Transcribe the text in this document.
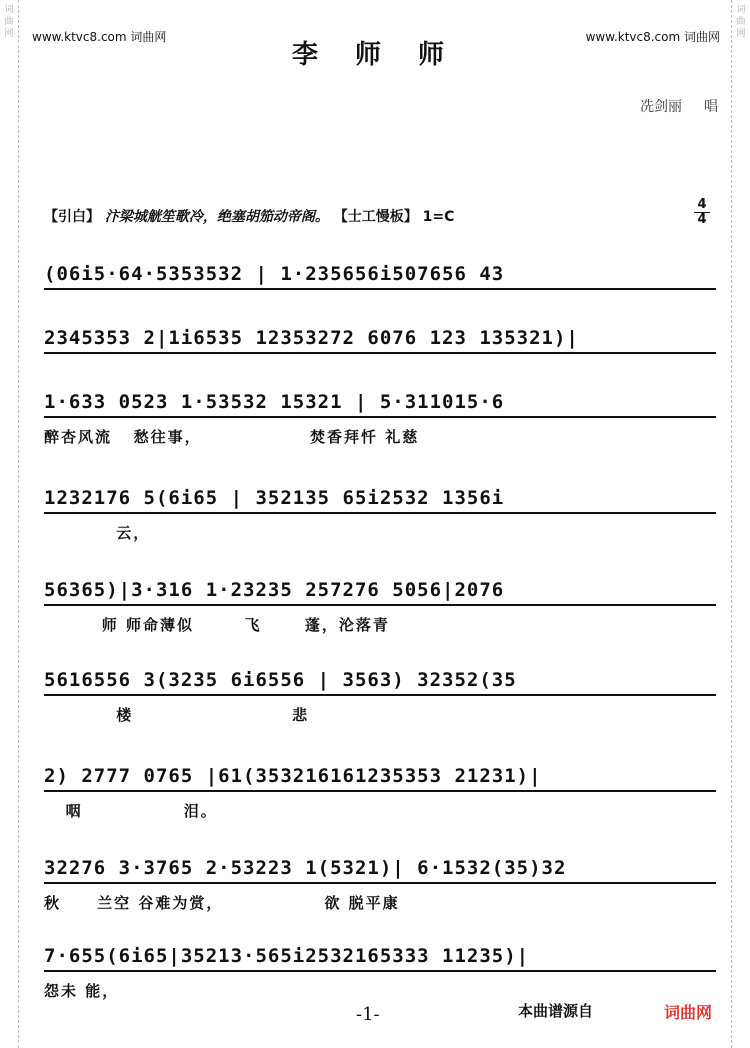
词 曲 网
词 曲 网
www.ktvc8.com 词曲网	www.ktvc8.com 词曲网
李 师 师
冼剑丽 唱
【引白】 汴梁城觥笙歌冷，绝塞胡笳动帝阁。 【士工慢板】 1=C
4
4
(06i5·64·5353532 | 1·235656i507656 43
2345353 2|1i6535 12353272 6076 123 135321)|
1·633 0523 1·53532 15321 | 5·311015·6
醉杏风流   愁往事，               焚香拜忏 礼慈
1232176 5(6i65 | 352135 65i2532 1356i
云，
56365)|3·316 1·23235 257276 5056|2076
师 师命薄似       飞      蓬，沦落青
5616556 3(3235 6i6556 | 3563) 32352(35
楼                      悲
2) 2777 0765 |61(353216161235353 21231)|
咽              泪。
32276 3·3765 2·53223 1(5321)| 6·1532(35)32
秋     兰空 谷难为赏，              欲 脱平康
7·655(6i65|35213·565i2532165333 11235)|
怨未 能，
-1-	本曲谱源自	词曲网
